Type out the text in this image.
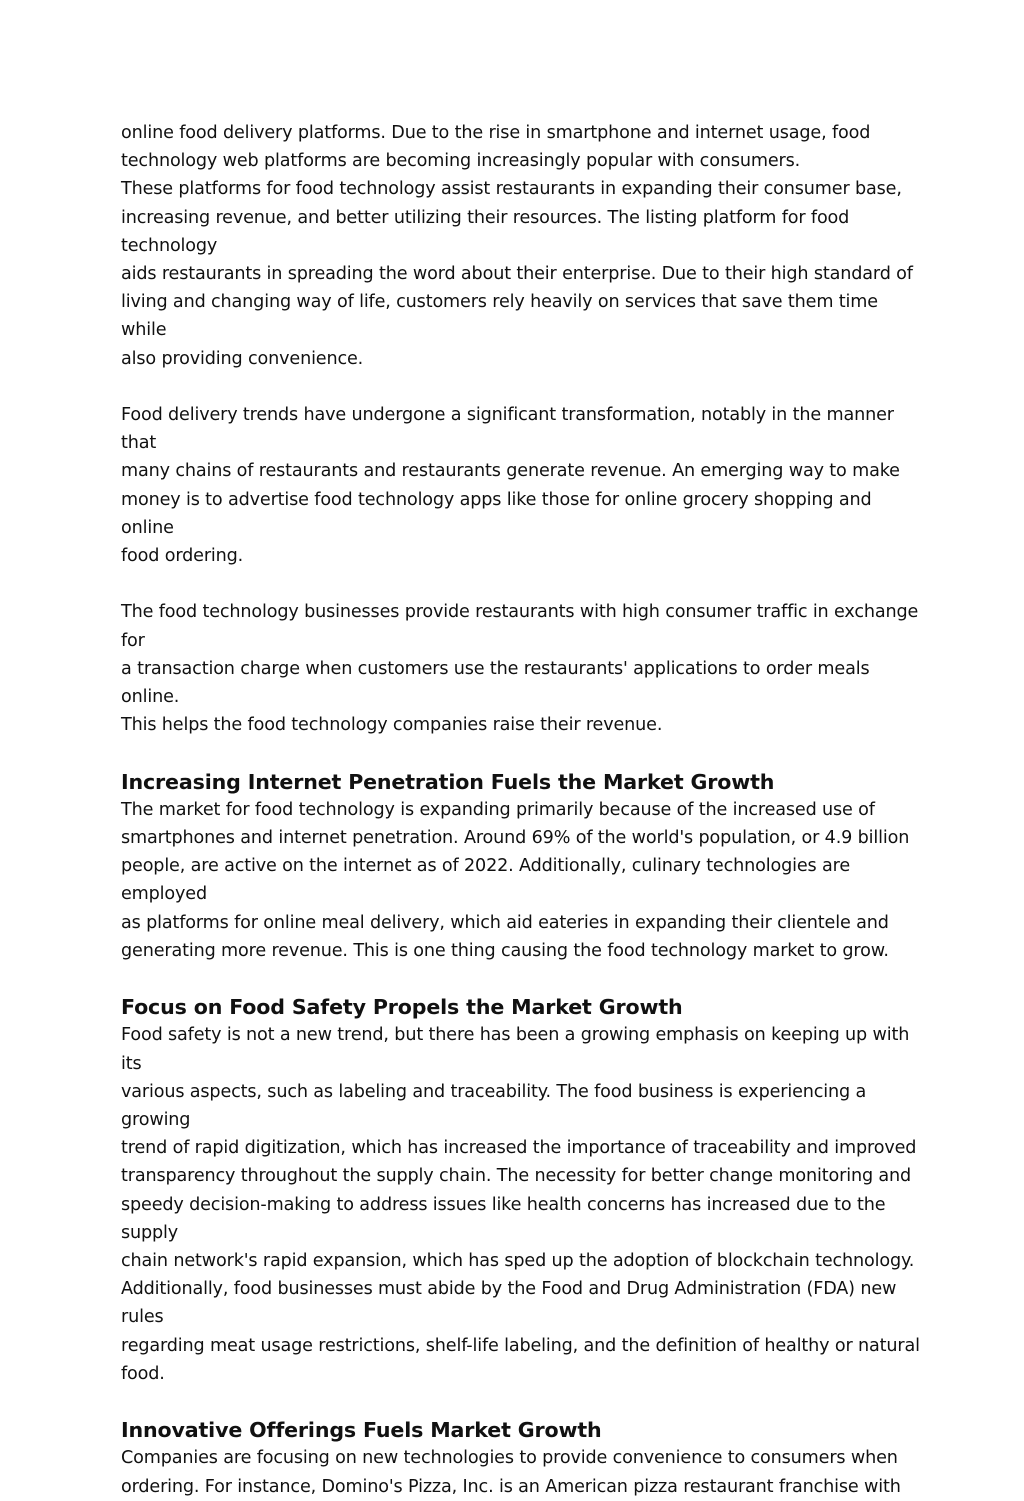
online food delivery platforms. Due to the rise in smartphone and internet usage, food
technology web platforms are becoming increasingly popular with consumers.
These platforms for food technology assist restaurants in expanding their consumer base,
increasing revenue, and better utilizing their resources. The listing platform for food technology
aids restaurants in spreading the word about their enterprise. Due to their high standard of
living and changing way of life, customers rely heavily on services that save them time while
also providing convenience.

Food delivery trends have undergone a significant transformation, notably in the manner that
many chains of restaurants and restaurants generate revenue. An emerging way to make
money is to advertise food technology apps like those for online grocery shopping and online
food ordering.

The food technology businesses provide restaurants with high consumer traffic in exchange for
a transaction charge when customers use the restaurants' applications to order meals online.
This helps the food technology companies raise their revenue.

Increasing Internet Penetration Fuels the Market Growth

The market for food technology is expanding primarily because of the increased use of
smartphones and internet penetration. Around 69% of the world's population, or 4.9 billion
people, are active on the internet as of 2022. Additionally, culinary technologies are employed
as platforms for online meal delivery, which aid eateries in expanding their clientele and
generating more revenue. This is one thing causing the food technology market to grow.

Focus on Food Safety Propels the Market Growth

Food safety is not a new trend, but there has been a growing emphasis on keeping up with its
various aspects, such as labeling and traceability. The food business is experiencing a growing
trend of rapid digitization, which has increased the importance of traceability and improved
transparency throughout the supply chain. The necessity for better change monitoring and
speedy decision-making to address issues like health concerns has increased due to the supply
chain network's rapid expansion, which has sped up the adoption of blockchain technology.
Additionally, food businesses must abide by the Food and Drug Administration (FDA) new rules
regarding meat usage restrictions, shelf-life labeling, and the definition of healthy or natural
food.

Innovative Offerings Fuels Market Growth

Companies are focusing on new technologies to provide convenience to consumers when
ordering. For instance, Domino's Pizza, Inc. is an American pizza restaurant franchise with
